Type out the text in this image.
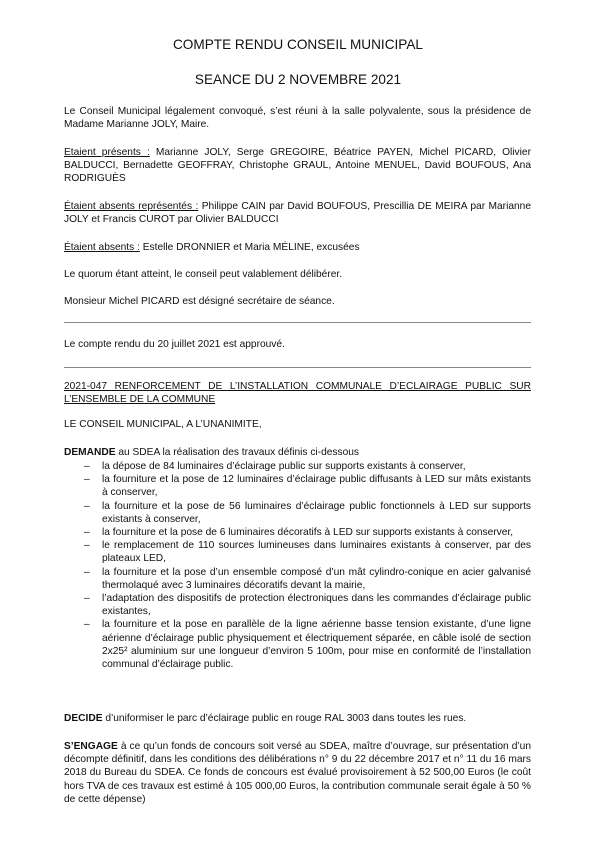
COMPTE RENDU CONSEIL MUNICIPAL
SEANCE DU 2 NOVEMBRE 2021
Le Conseil Municipal légalement convoqué, s’est réuni à la salle polyvalente, sous la présidence de Madame Marianne JOLY, Maire.
Etaient présents : Marianne JOLY, Serge GREGOIRE, Béatrice PAYEN, Michel PICARD, Olivier BALDUCCI, Bernadette GEOFFRAY, Christophe GRAUL, Antoine MENUEL, David BOUFOUS, Ana RODRIGUÈS
Étaient absents représentés : Philippe CAIN par David BOUFOUS, Prescillia DE MEIRA par Marianne JOLY et Francis CUROT par Olivier BALDUCCI
Étaient absents : Estelle DRONNIER et Maria MÉLINE, excusées
Le quorum étant atteint, le conseil peut valablement délibérer.
Monsieur Michel PICARD est désigné secrétaire de séance.
Le compte rendu du 20 juillet 2021 est approuvé.
2021-047 RENFORCEMENT DE L’INSTALLATION COMMUNALE D’ECLAIRAGE PUBLIC SUR L’ENSEMBLE DE LA COMMUNE
LE CONSEIL MUNICIPAL, A L’UNANIMITE,
DEMANDE au SDEA la réalisation des travaux définis ci-dessous
– la dépose de 84 luminaires d’éclairage public sur supports existants à conserver,
– la fourniture et la pose de 12 luminaires d’éclairage public diffusants à LED sur mâts existants à conserver,
– la fourniture et la pose de 56 luminaires d’éclairage public fonctionnels à LED sur supports existants à conserver,
– la fourniture et la pose de 6 luminaires décoratifs à LED sur supports existants à conserver,
– le remplacement de 110 sources lumineuses dans luminaires existants à conserver, par des plateaux LED,
– la fourniture et la pose d’un ensemble composé d’un mât cylindro-conique en acier galvanisé thermolaqué avec 3 luminaires décoratifs devant la mairie,
– l’adaptation des dispositifs de protection électroniques dans les commandes d’éclairage public existantes,
– la fourniture et la pose en parallèle de la ligne aérienne basse tension existante, d’une ligne aérienne d’éclairage public physiquement et électriquement séparée, en câble isolé de section 2x25² aluminium sur une longueur d’environ 5 100m, pour mise en conformité de l’installation communal d’éclairage public.
DECIDE d’uniformiser le parc d’éclairage public en rouge RAL 3003 dans toutes les rues.
S’ENGAGE à ce qu’un fonds de concours soit versé au SDEA, maître d’ouvrage, sur présentation d’un décompte définitif, dans les conditions des délibérations n° 9 du 22 décembre 2017 et n° 11 du 16 mars 2018 du Bureau du SDEA. Ce fonds de concours est évalué provisoirement à 52 500,00 Euros (le coût hors TVA de ces travaux est estimé à 105 000,00 Euros, la contribution communale serait égale à 50 % de cette dépense)
